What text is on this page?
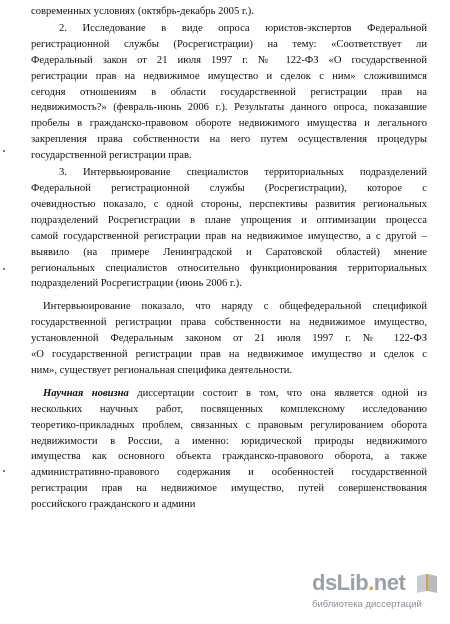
современных условиях (октябрь-декабрь 2005 г.).
2. Исследование в виде опроса юристов-экспертов Федеральной
регистрационной службы (Росрегистрации) на тему: «Соответствует ли
Федеральный закон от 21 июля 1997 г. № 122-ФЗ «О государственной
регистрации прав на недвижимое имущество и сделок с ним» сложившимся
сегодня отношениям в области государственной регистрации прав на
недвижимость?» (февраль-июнь 2006 г.). Результаты данного опроса, показавшие
пробелы в гражданско-правовом обороте недвижимого имущества и легального
закрепления права собственности на него путем осуществления процедуры
государственной регистрации прав.
3. Интервьюирование специалистов территориальных подразделений
Федеральной регистрационной службы (Росрегистрации), которое с
очевидностью показало, с одной стороны, перспективы развития региональных
подразделений Росрегистрации в плане упрощения и оптимизации процесса
самой государственной регистрации прав на недвижимое имущество, а с другой –
выявило (на примере Ленинградской и Саратовской областей) мнение
региональных специалистов относительно функционирования территориальных
подразделений Росрегистрации (июнь 2006 г.).
Интервьюирование показало, что наряду с общефедеральной спецификой
государственной регистрации права собственности на недвижимое имущество,
установленной Федеральным законом от 21 июля 1997 г. № 122-ФЗ
«О государственной регистрации прав на недвижимое имущество и сделок с
ним», существует региональная специфика деятельности.
Научная новизна диссертации состоит в том, что она является одной из
нескольких научных работ, посвященных комплексному исследованию
теоретико-прикладных проблем, связанных с правовым регулированием оборота
недвижимости в России, а именно: юридической природы недвижимого
имущества как основного объекта гражданско-правового оборота, а также
административно-правового содержания и особенностей государственной
регистрации прав на недвижимое имущество, путей совершенствования
российского гражданского и админи
dsLib.net
библиотека диссертаций
